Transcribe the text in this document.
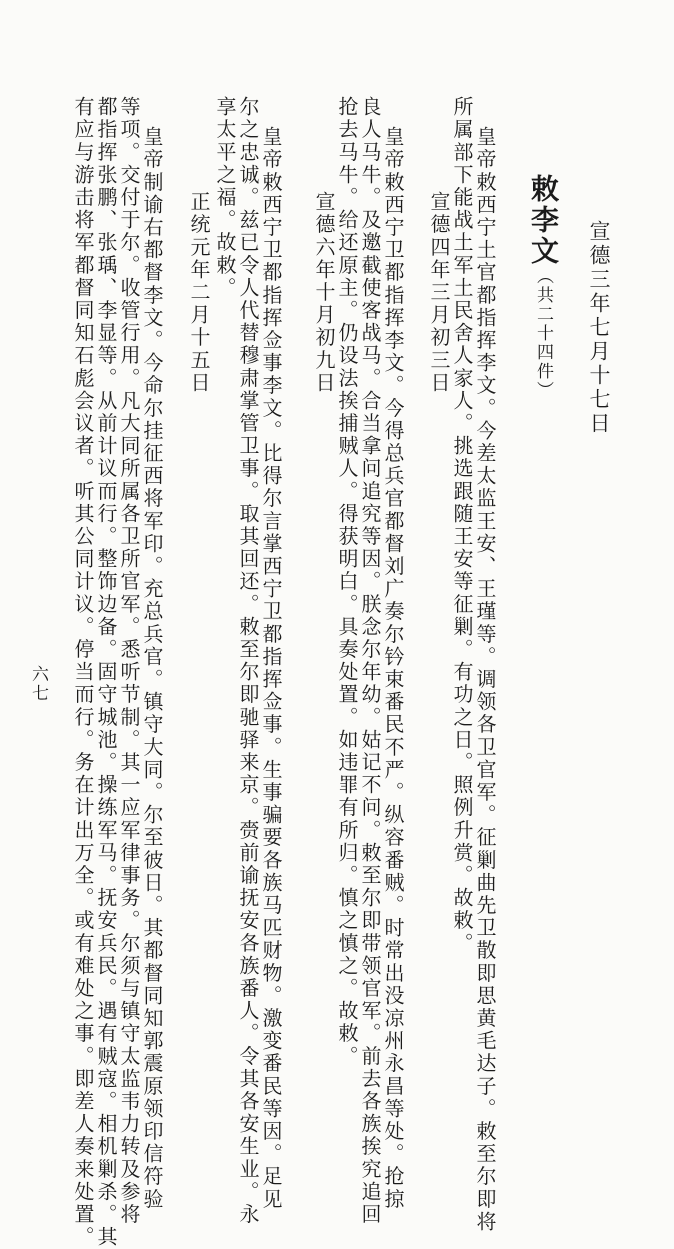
敕李文（共二十四件）	宣德三年七月十七日

皇帝敕西宁土官都指挥李文。今差太监王安、王瑾等。调领各卫官军。征剿曲先卫散即思黄毛达子。敕至尔即将

所属部下能战土军土民舍人家人。挑选跟随王安等征剿。有功之日。照例升赏。故敕。

宣德四年三月初三日

皇帝敕西宁卫都指挥李文。今得总兵官都督刘广奏尔钤束番民不严。纵容番贼。时常出没凉州永昌等处。抢掠

良人马牛。及邀截使客战马。合当拿问追究等因。朕念尔年幼。姑记不问。敕至尔即带领官军。前去各族挨究追回

抢去马牛。给还原主。仍设法挨捕贼人。得获明白。具奏处置。如违罪有所归。慎之慎之。故敕。

宣德六年十月初九日

皇帝敕西宁卫都指挥佥事李文。比得尔言掌西宁卫都指挥佥事。生事骗要各族马匹财物。激变番民等因。足见

尔之忠诚。兹已令人代替穆肃掌管卫事。取其回还。敕至尔即驰驿来京。赍前谕抚安各族番人。令其各安生业。永

享太平之福。故敕。

正统元年二月十五日

皇帝制谕右都督李文。今命尔挂征西将军印。充总兵官。镇守大同。尔至彼日。其都督同知郭震原领印信符验

等项。交付于尔。收管行用。凡大同所属各卫所官军。悉听节制。其一应军律事务。尔须与镇守太监韦力转及参将

都指挥张鹏、张瑀、李显等。从前计议而行。整饰边备。固守城池。操练军马。抚安兵民。遇有贼寇。相机剿杀。其

有应与游击将军都督同知石彪会议者。听其公同计议。停当而行。务在计出万全。或有难处之事。即差人奏来处置。

六七
